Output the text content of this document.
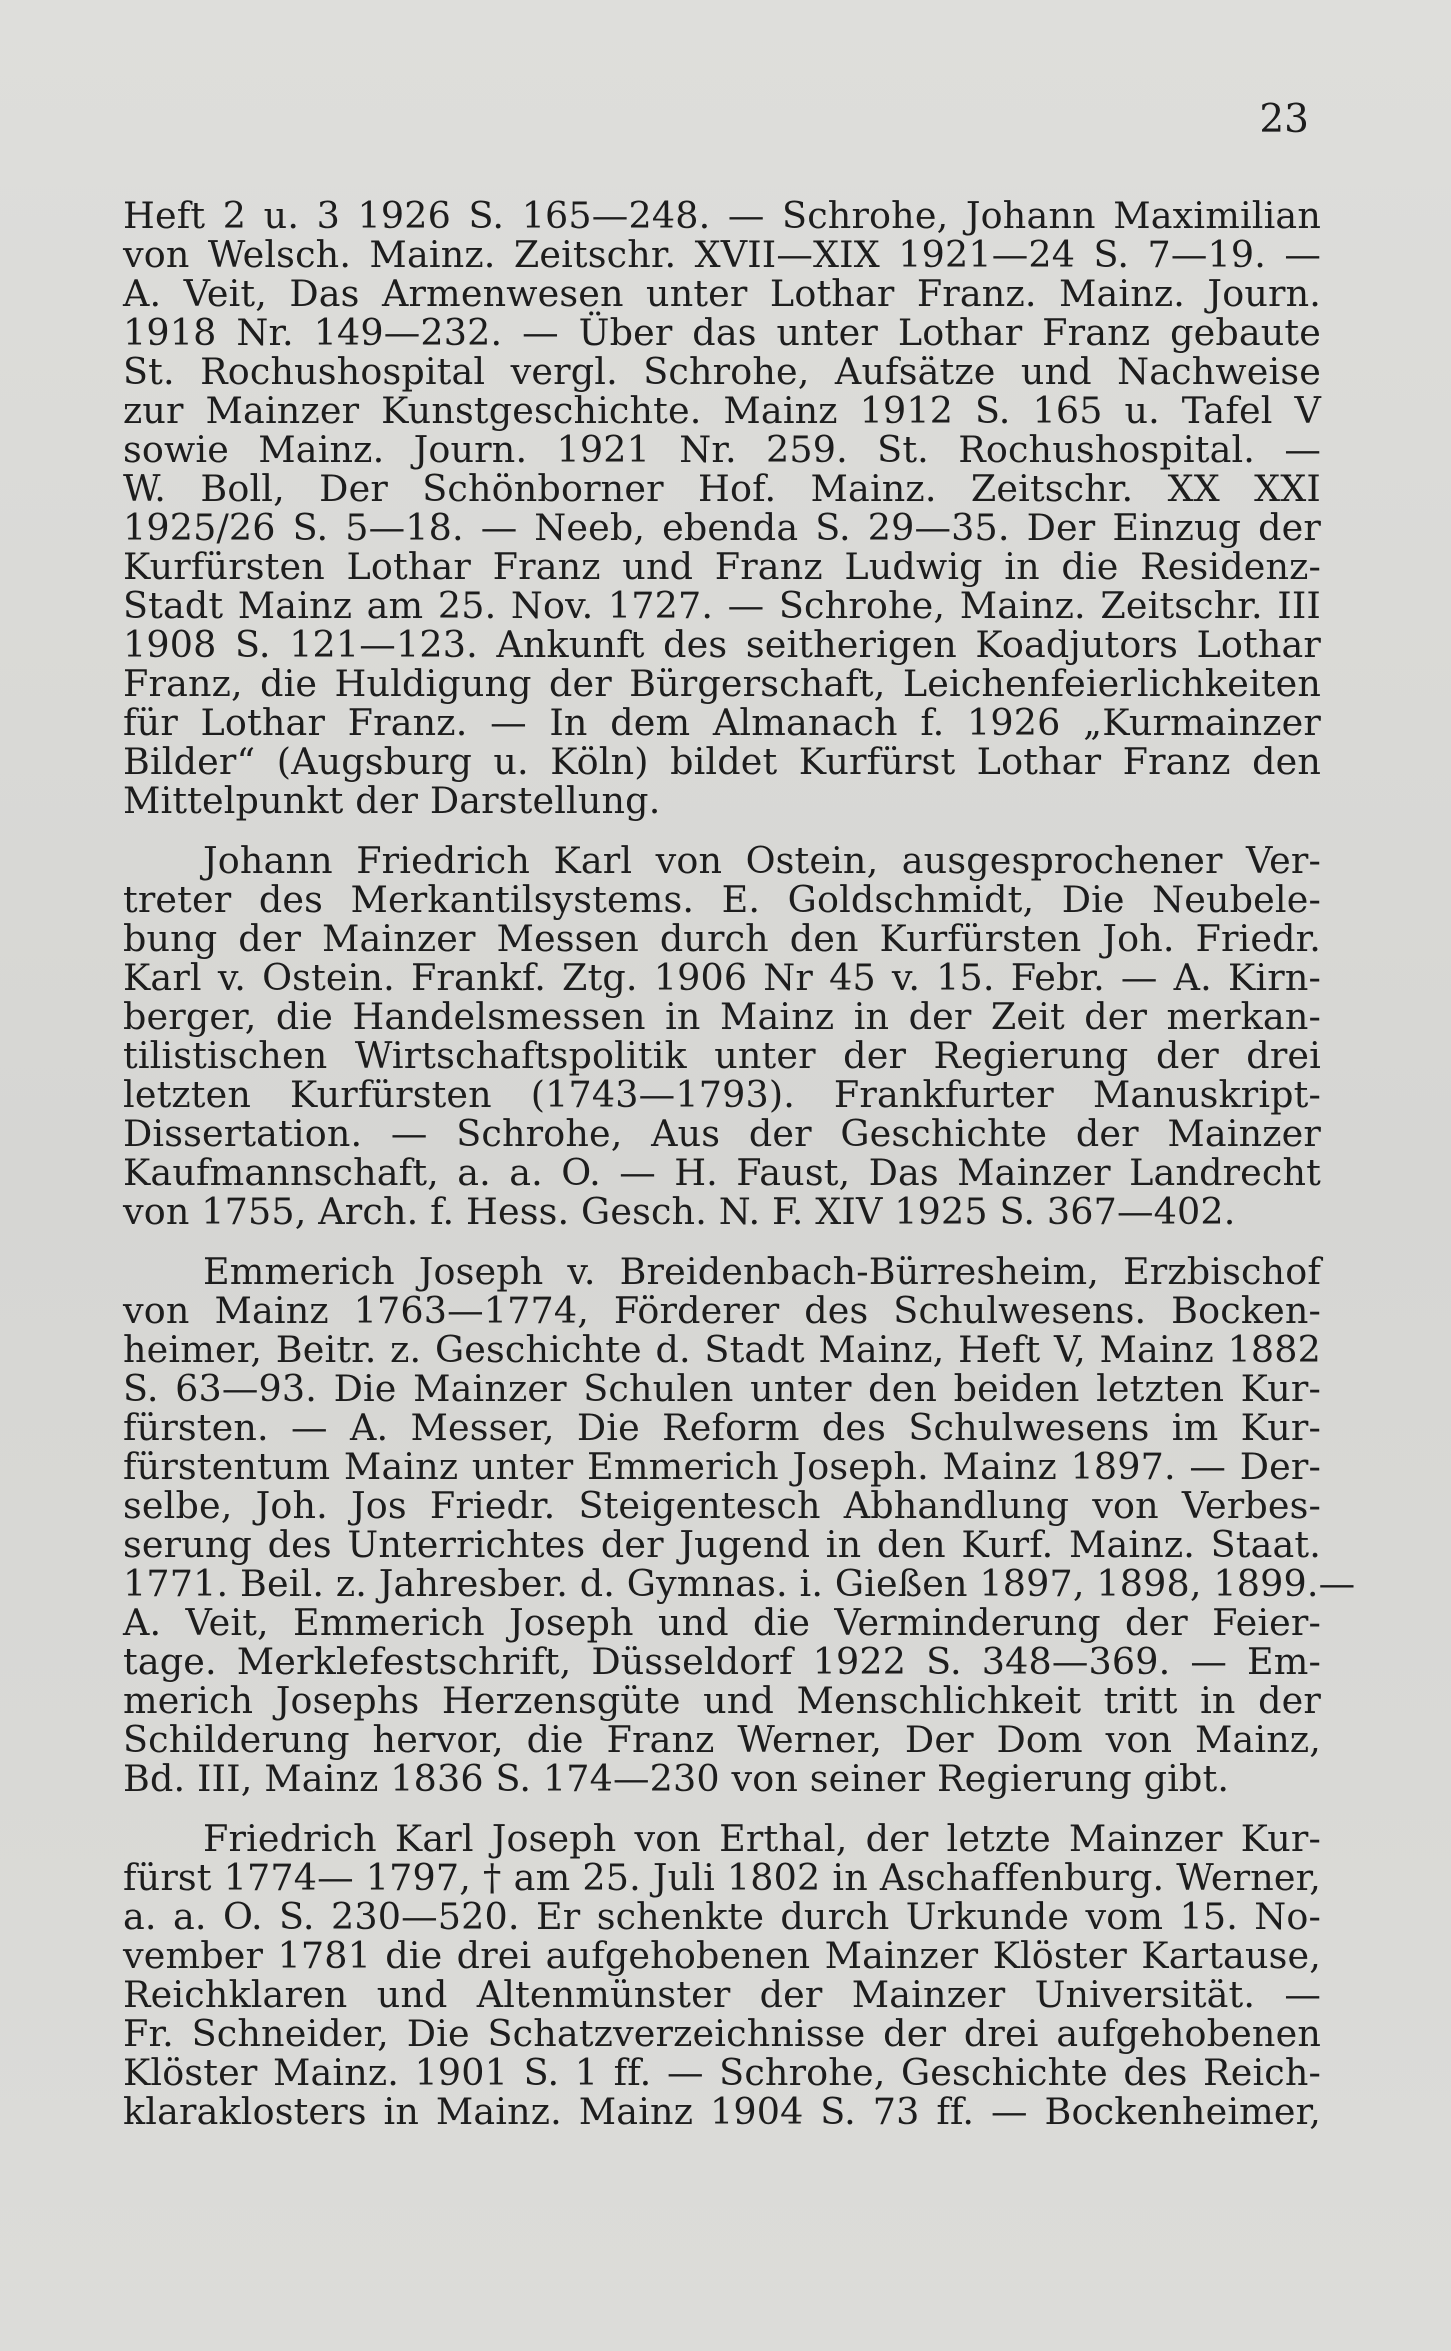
23
Heft 2 u. 3 1926 S. 165—248. — Schrohe, Johann Maximilian
von Welsch. Mainz. Zeitschr. XVII—XIX 1921—24 S. 7—19. —
A. Veit, Das Armenwesen unter Lothar Franz. Mainz. Journ.
1918 Nr. 149—232. — Über das unter Lothar Franz gebaute
St. Rochushospital vergl. Schrohe, Aufsätze und Nachweise
zur Mainzer Kunstgeschichte. Mainz 1912 S. 165 u. Tafel V
sowie Mainz. Journ. 1921 Nr. 259. St. Rochushospital. —
W. Boll, Der Schönborner Hof. Mainz. Zeitschr. XX XXI
1925/26 S. 5—18. — Neeb, ebenda S. 29—35. Der Einzug der
Kurfürsten Lothar Franz und Franz Ludwig in die Residenz-
Stadt Mainz am 25. Nov. 1727. — Schrohe, Mainz. Zeitschr. III
1908 S. 121—123. Ankunft des seitherigen Koadjutors Lothar
Franz, die Huldigung der Bürgerschaft, Leichenfeierlichkeiten
für Lothar Franz. — In dem Almanach f. 1926 „Kurmainzer
Bilder“ (Augsburg u. Köln) bildet Kurfürst Lothar Franz den
Mittelpunkt der Darstellung.
Johann Friedrich Karl von Ostein, ausgesprochener Ver-
treter des Merkantilsystems. E. Goldschmidt, Die Neubele-
bung der Mainzer Messen durch den Kurfürsten Joh. Friedr.
Karl v. Ostein. Frankf. Ztg. 1906 Nr 45 v. 15. Febr. — A. Kirn-
berger, die Handelsmessen in Mainz in der Zeit der merkan-
tilistischen Wirtschaftspolitik unter der Regierung der drei
letzten Kurfürsten (1743—1793). Frankfurter Manuskript-
Dissertation. — Schrohe, Aus der Geschichte der Mainzer
Kaufmannschaft, a. a. O. — H. Faust, Das Mainzer Landrecht
von 1755, Arch. f. Hess. Gesch. N. F. XIV 1925 S. 367—402.
Emmerich Joseph v. Breidenbach-Bürresheim, Erzbischof
von Mainz 1763—1774, Förderer des Schulwesens. Bocken-
heimer, Beitr. z. Geschichte d. Stadt Mainz, Heft V, Mainz 1882
S. 63—93. Die Mainzer Schulen unter den beiden letzten Kur-
fürsten. — A. Messer, Die Reform des Schulwesens im Kur-
fürstentum Mainz unter Emmerich Joseph. Mainz 1897. — Der-
selbe, Joh. Jos Friedr. Steigentesch Abhandlung von Verbes-
serung des Unterrichtes der Jugend in den Kurf. Mainz. Staat.
1771. Beil. z. Jahresber. d. Gymnas. i. Gießen 1897, 1898, 1899.—
A. Veit, Emmerich Joseph und die Verminderung der Feier-
tage. Merklefestschrift, Düsseldorf 1922 S. 348—369. — Em-
merich Josephs Herzensgüte und Menschlichkeit tritt in der
Schilderung hervor, die Franz Werner, Der Dom von Mainz,
Bd. III, Mainz 1836 S. 174—230 von seiner Regierung gibt.
Friedrich Karl Joseph von Erthal, der letzte Mainzer Kur-
fürst 1774— 1797, † am 25. Juli 1802 in Aschaffenburg. Werner,
a. a. O. S. 230—520. Er schenkte durch Urkunde vom 15. No-
vember 1781 die drei aufgehobenen Mainzer Klöster Kartause,
Reichklaren und Altenmünster der Mainzer Universität. —
Fr. Schneider, Die Schatzverzeichnisse der drei aufgehobenen
Klöster Mainz. 1901 S. 1 ff. — Schrohe, Geschichte des Reich-
klaraklosters in Mainz. Mainz 1904 S. 73 ff. — Bockenheimer,
